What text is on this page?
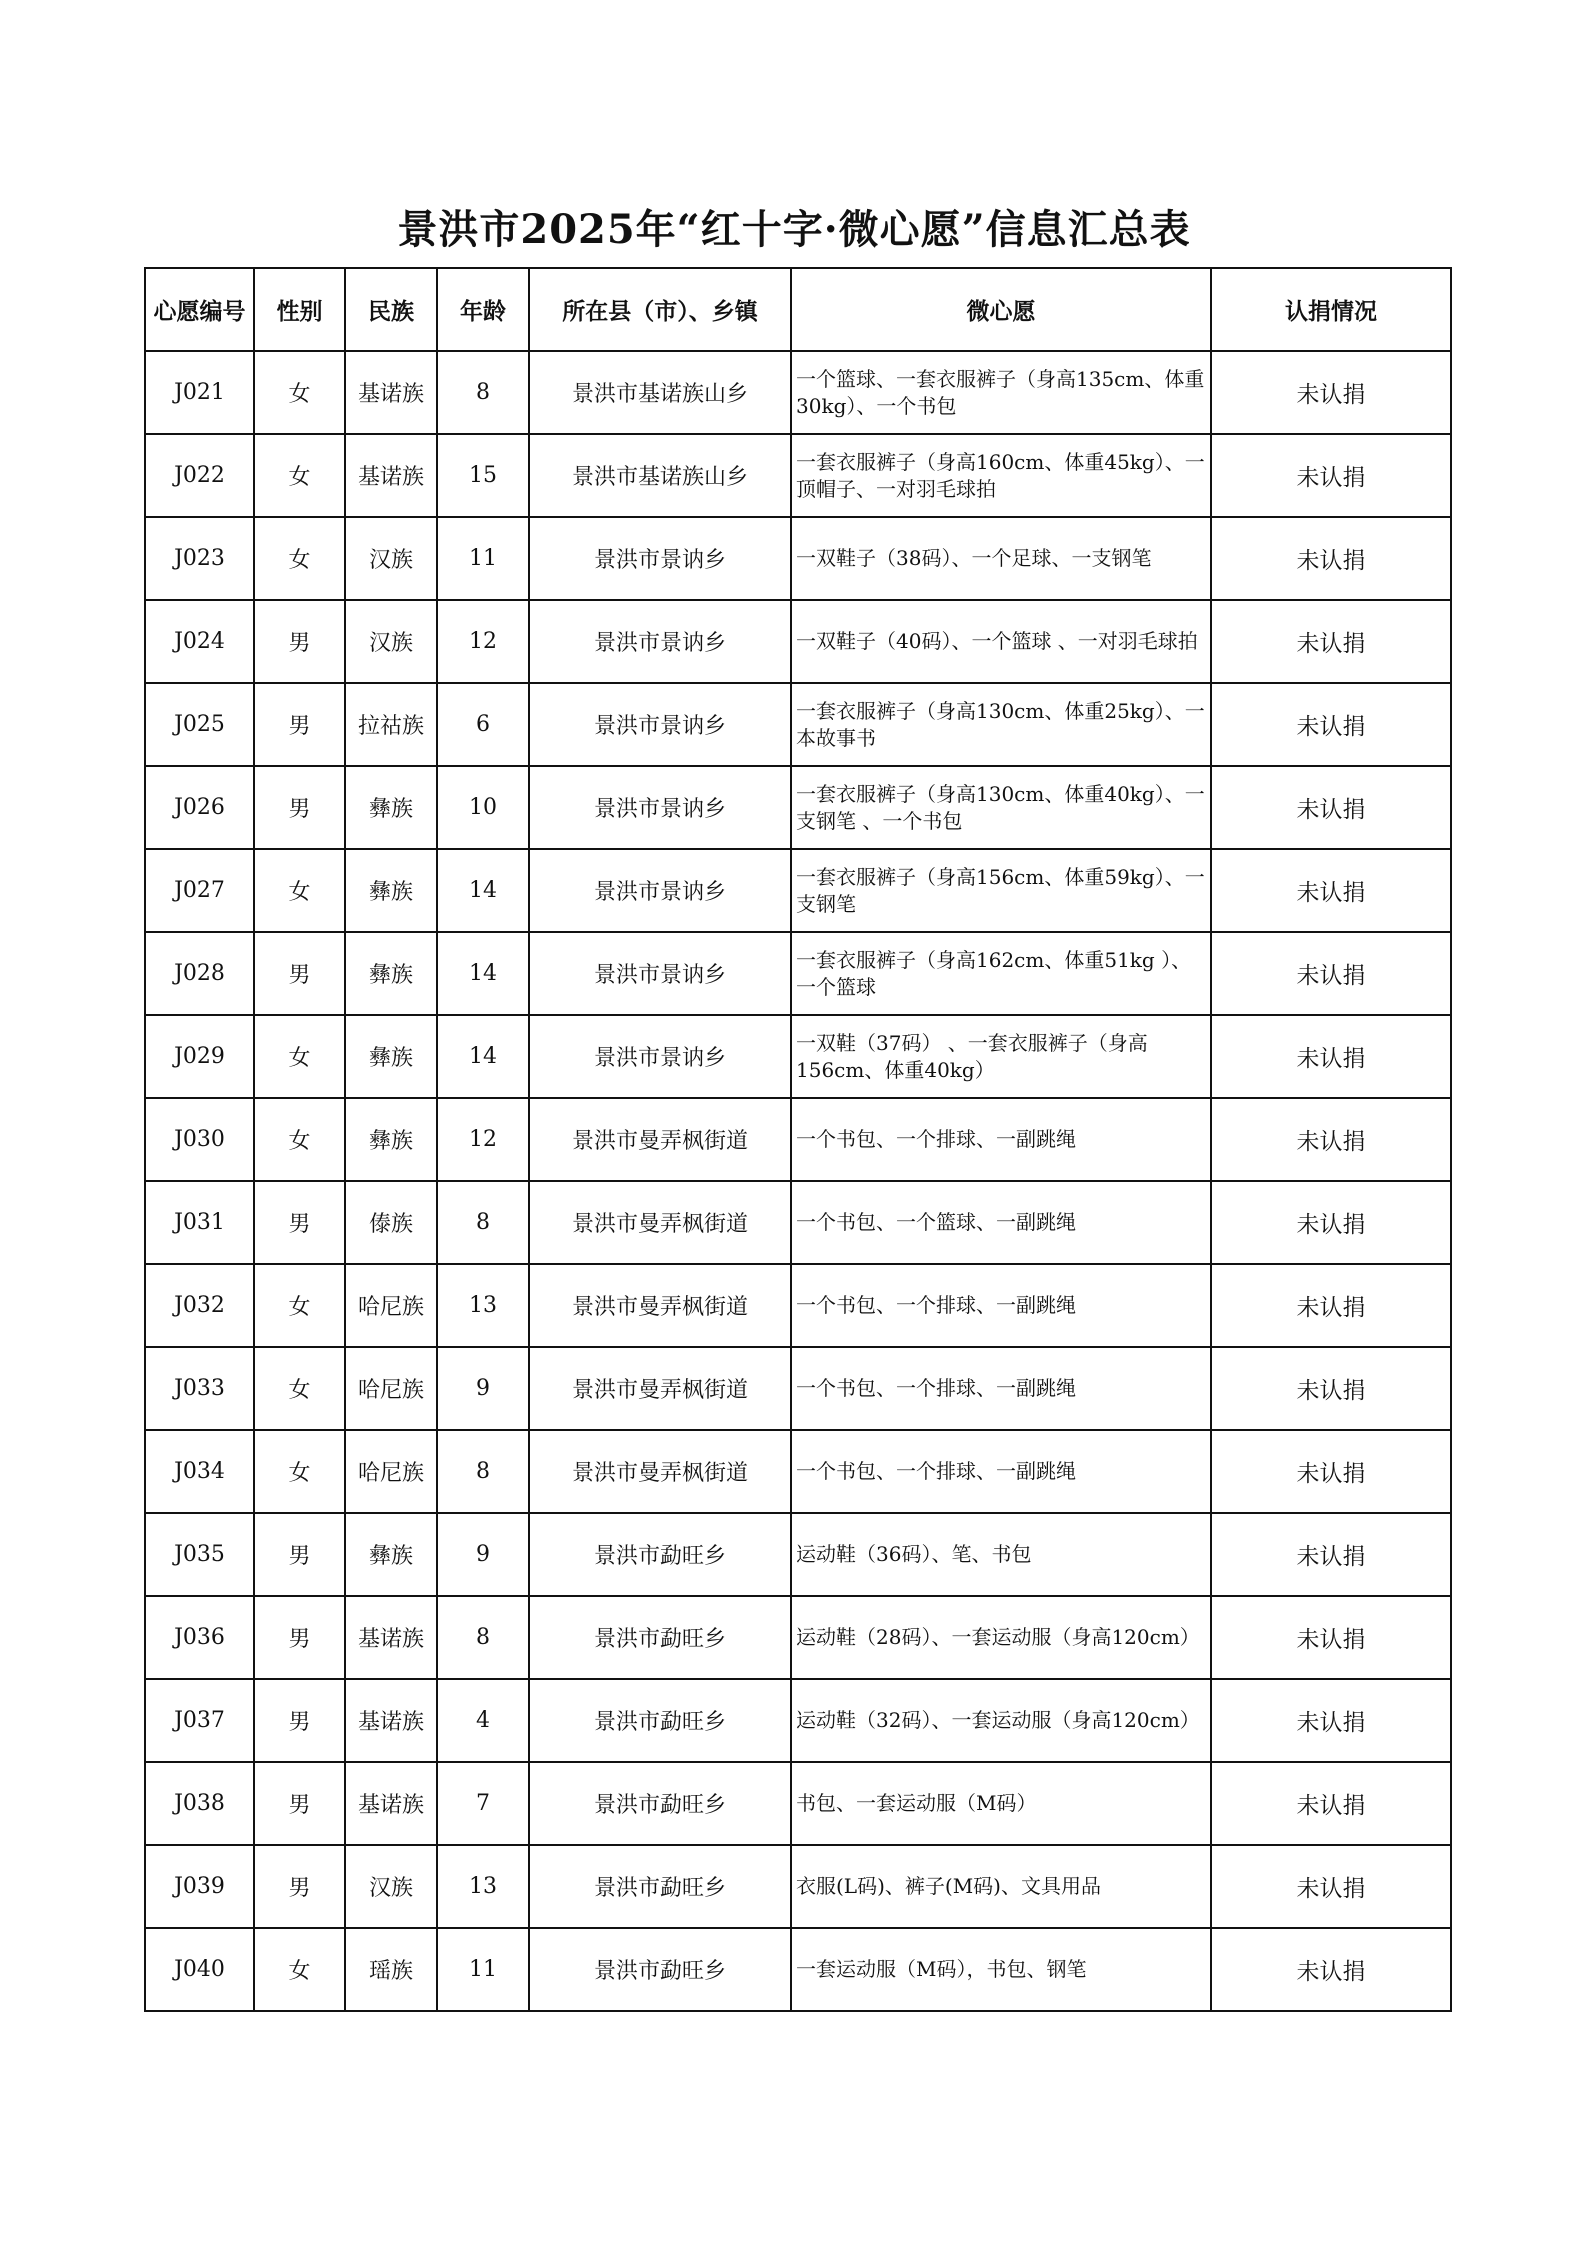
景洪市2025年“红十字·微心愿”信息汇总表
心愿编号	性别	民族	年龄	所在县（市）、乡镇	微心愿	认捐情况
J021	女	基诺族	8	景洪市基诺族山乡	一个篮球、一套衣服裤子（身高135cm、体重30kg）、一个书包	未认捐
J022	女	基诺族	15	景洪市基诺族山乡	一套衣服裤子（身高160cm、体重45kg）、一顶帽子、一对羽毛球拍	未认捐
J023	女	汉族	11	景洪市景讷乡	一双鞋子（38码）、一个足球、一支钢笔	未认捐
J024	男	汉族	12	景洪市景讷乡	一双鞋子（40码）、一个篮球 、一对羽毛球拍	未认捐
J025	男	拉祜族	6	景洪市景讷乡	一套衣服裤子（身高130cm、体重25kg）、一本故事书	未认捐
J026	男	彝族	10	景洪市景讷乡	一套衣服裤子（身高130cm、体重40kg）、一支钢笔 、一个书包	未认捐
J027	女	彝族	14	景洪市景讷乡	一套衣服裤子（身高156cm、体重59kg）、一支钢笔	未认捐
J028	男	彝族	14	景洪市景讷乡	一套衣服裤子（身高162cm、体重51kg ）、一个篮球	未认捐
J029	女	彝族	14	景洪市景讷乡	一双鞋（37码） 、一套衣服裤子（身高156cm、体重40kg）	未认捐
J030	女	彝族	12	景洪市曼弄枫街道	一个书包、一个排球、一副跳绳	未认捐
J031	男	傣族	8	景洪市曼弄枫街道	一个书包、一个篮球、一副跳绳	未认捐
J032	女	哈尼族	13	景洪市曼弄枫街道	一个书包、一个排球、一副跳绳	未认捐
J033	女	哈尼族	9	景洪市曼弄枫街道	一个书包、一个排球、一副跳绳	未认捐
J034	女	哈尼族	8	景洪市曼弄枫街道	一个书包、一个排球、一副跳绳	未认捐
J035	男	彝族	9	景洪市勐旺乡	运动鞋（36码）、笔、书包	未认捐
J036	男	基诺族	8	景洪市勐旺乡	运动鞋（28码）、一套运动服（身高120cm）	未认捐
J037	男	基诺族	4	景洪市勐旺乡	运动鞋（32码）、一套运动服（身高120cm）	未认捐
J038	男	基诺族	7	景洪市勐旺乡	书包、一套运动服（M码）	未认捐
J039	男	汉族	13	景洪市勐旺乡	衣服(L码)、裤子(M码)、文具用品	未认捐
J040	女	瑶族	11	景洪市勐旺乡	一套运动服（M码），书包、钢笔	未认捐
